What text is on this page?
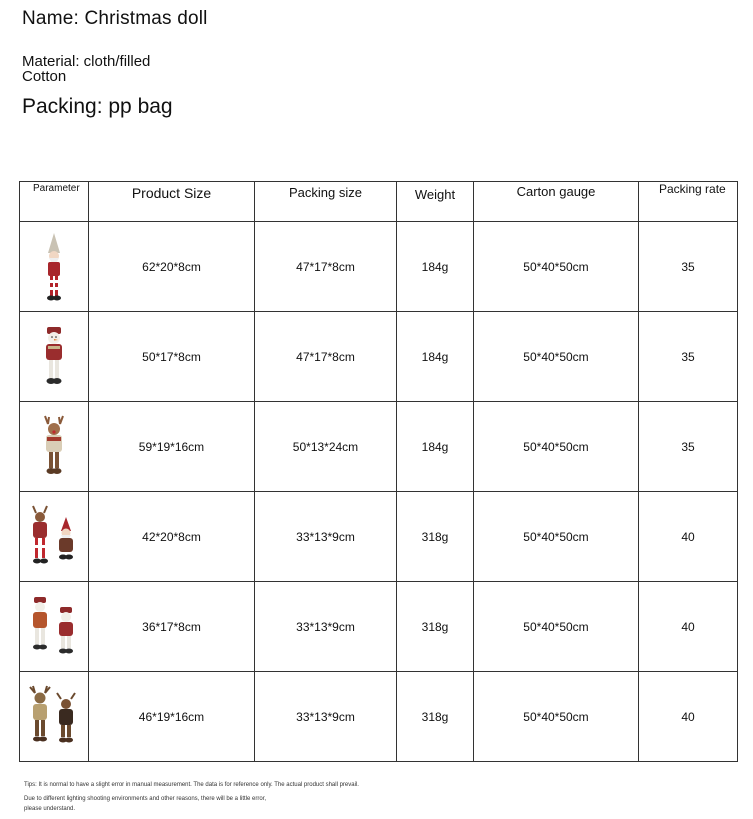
Name: Christmas doll
Material: cloth/filled
Cotton
Packing: pp bag
Parameter	Product Size	Packing size	Weight	Carton gauge	Packing rate

	62*20*8cm	47*17*8cm	184g	50*40*50cm	35

	50*17*8cm	47*17*8cm	184g	50*40*50cm	35

	59*19*16cm	50*13*24cm	184g	50*40*50cm	35

	42*20*8cm	33*13*9cm	318g	50*40*50cm	40

	36*17*8cm	33*13*9cm	318g	50*40*50cm	40

	46*19*16cm	33*13*9cm	318g	50*40*50cm	40
Tips: It is normal to have a slight error in manual measurement. The data is for reference only. The actual product shall prevail.
Due to different lighting shooting environments and other reasons, there will be a little error,
please understand.
